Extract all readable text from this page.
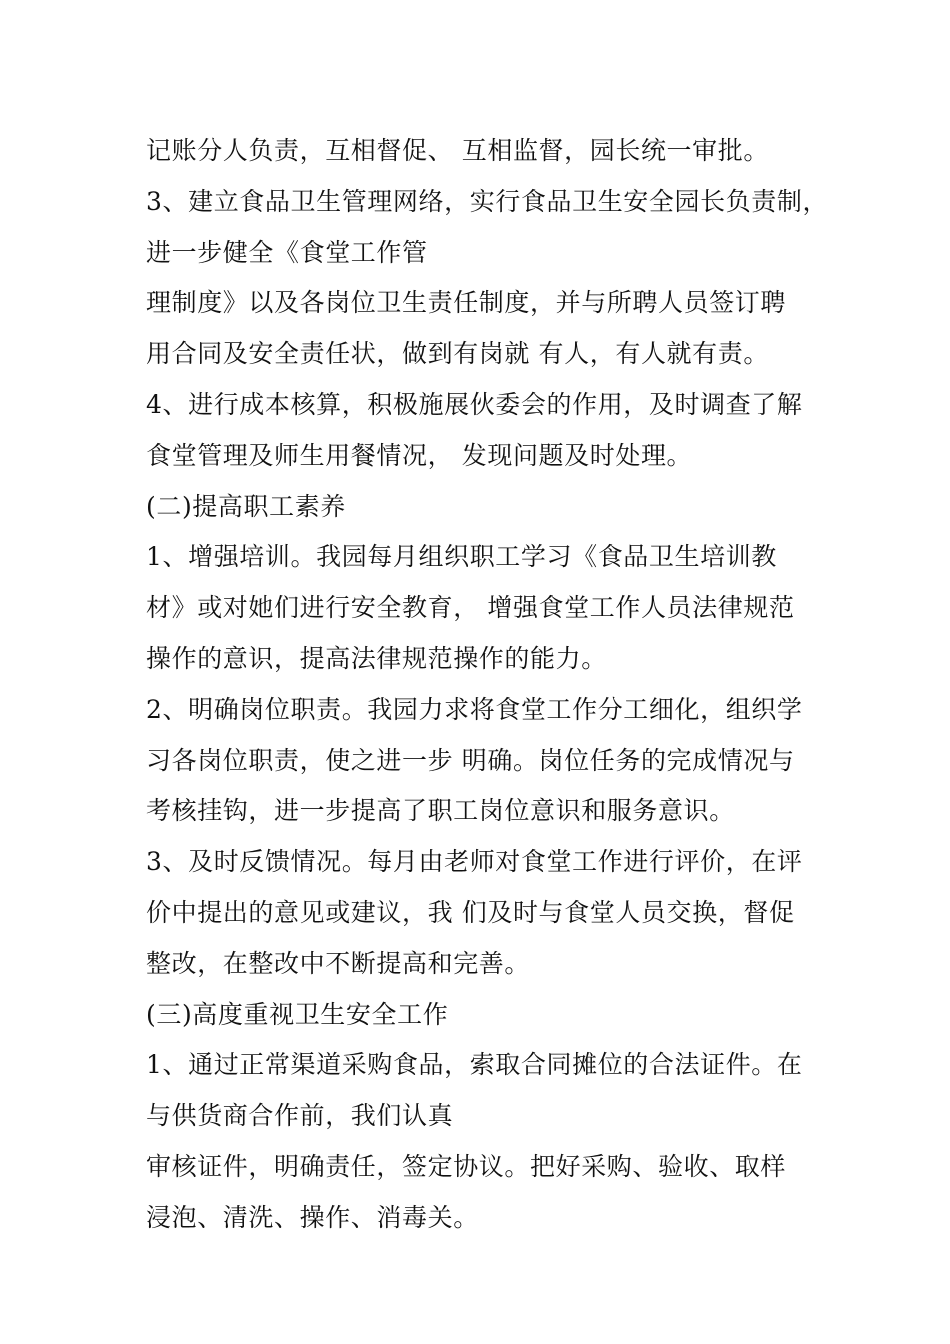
记账分人负责，互相督促、 互相监督，园长统一审批。

3、建立食品卫生管理网络，实行食品卫生安全园长负责制，

进一步健全《食堂工作管

理制度》以及各岗位卫生责任制度，并与所聘人员签订聘

用合同及安全责任状，做到有岗就 有人，有人就有责。

4、进行成本核算，积极施展伙委会的作用，及时调查了解

食堂管理及师生用餐情况， 发现问题及时处理。

(二)提高职工素养

1、增强培训。我园每月组织职工学习《食品卫生培训教

材》或对她们进行安全教育， 增强食堂工作人员法律规范

操作的意识，提高法律规范操作的能力。

2、明确岗位职责。我园力求将食堂工作分工细化，组织学

习各岗位职责，使之进一步 明确。岗位任务的完成情况与

考核挂钩，进一步提高了职工岗位意识和服务意识。

3、及时反馈情况。每月由老师对食堂工作进行评价，在评

价中提出的意见或建议，我 们及时与食堂人员交换，督促

整改，在整改中不断提高和完善。

(三)高度重视卫生安全工作

1、通过正常渠道采购食品，索取合同摊位的合法证件。在

与供货商合作前，我们认真

审核证件，明确责任，签定协议。把好采购、验收、取样

浸泡、清洗、操作、消毒关。
